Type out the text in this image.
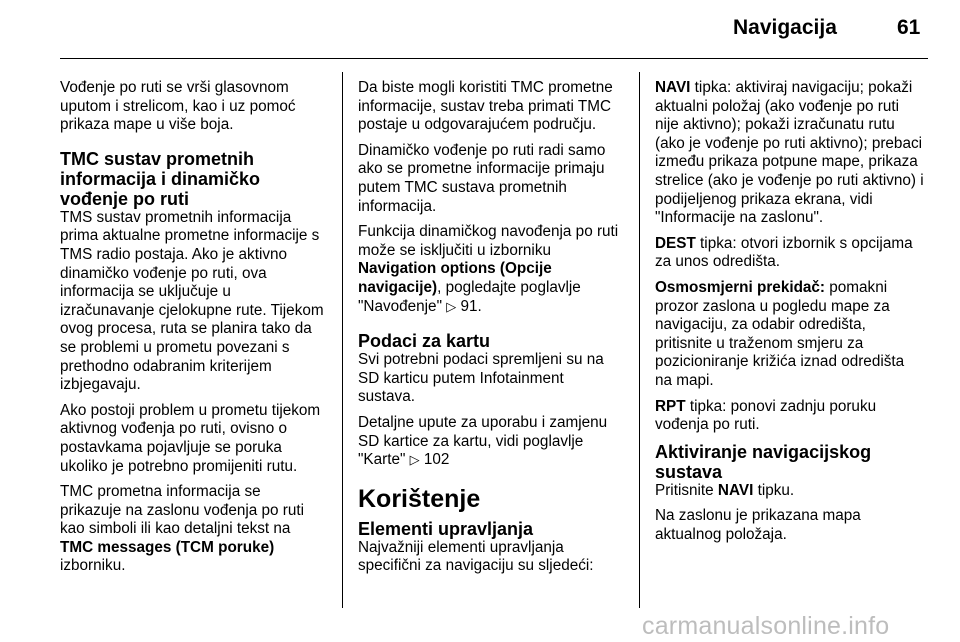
Navigacija	61

Vođenje po ruti se vrši glasovnom uputom i strelicom, kao i uz pomoć prikaza mape u više boja.

TMC sustav prometnih informacija i dinamičko vođenje po ruti

TMS sustav prometnih informacija prima aktualne prometne informacije s TMS radio postaja. Ako je aktivno dinamičko vođenje po ruti, ova informacija se uključuje u izračunavanje cjelokupne rute. Tijekom ovog procesa, ruta se planira tako da se problemi u prometu povezani s prethodno odabranim kriterijem izbjegavaju.

Ako postoji problem u prometu tijekom aktivnog vođenja po ruti, ovisno o postavkama pojavljuje se poruka ukoliko je potrebno promijeniti rutu.

TMC prometna informacija se prikazuje na zaslonu vođenja po ruti kao simboli ili kao detaljni tekst na TMC messages (TCM poruke) izborniku.

Da biste mogli koristiti TMC prometne informacije, sustav treba primati TMC postaje u odgovarajućem području.

Dinamičko vođenje po ruti radi samo ako se prometne informacije primaju putem TMC sustava prometnih informacija.

Funkcija dinamičkog navođenja po ruti može se isključiti u izborniku Navigation options (Opcije navigacije), pogledajte poglavlje "Navođenje" ▷ 91.

Podaci za kartu

Svi potrebni podaci spremljeni su na SD karticu putem Infotainment sustava.

Detaljne upute za uporabu i zamjenu SD kartice za kartu, vidi poglavlje "Karte" ▷ 102

Korištenje
Elementi upravljanja

Najvažniji elementi upravljanja specifični za navigaciju su sljedeći:

NAVI tipka: aktiviraj navigaciju; pokaži aktualni položaj (ako vođenje po ruti nije aktivno); pokaži izračunatu rutu (ako je vođenje po ruti aktivno); prebaci između prikaza potpune mape, prikaza strelice (ako je vođenje po ruti aktivno) i podijeljenog prikaza ekrana, vidi "Informacije na zaslonu".

DEST tipka: otvori izbornik s opcijama za unos odredišta.

Osmosmjerni prekidač: pomakni prozor zaslona u pogledu mape za navigaciju, za odabir odredišta, pritisnite u traženom smjeru za pozicioniranje križića iznad odredišta na mapi.

RPT tipka: ponovi zadnju poruku vođenja po ruti.

Aktiviranje navigacijskog sustava

Pritisnite NAVI tipku.

Na zaslonu je prikazana mapa aktualnog položaja.

carmanualsonline.info
